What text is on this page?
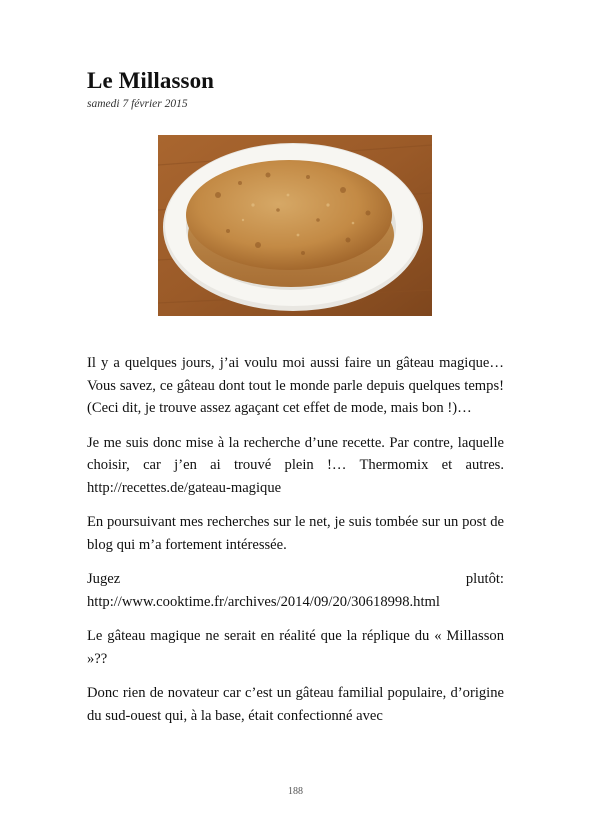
Le Millasson
samedi 7 février 2015

Il y a quelques jours, j’ai voulu moi aussi faire un gâteau magique… Vous savez, ce gâteau dont tout le monde parle depuis quelques temps! (Ceci dit, je trouve assez agaçant cet effet de mode, mais bon !)…

Je me suis donc mise à la recherche d’une recette. Par contre, laquelle choisir, car j’en ai trouvé plein !… Thermomix et autres. http://recettes.de/gateau-magique

En poursuivant mes recherches sur le net, je suis tombée sur un post de blog qui m’a fortement intéressée.

Jugez plutôt: http://www.cooktime.fr/archives/2014/09/20/30618998.html

Le gâteau magique ne serait en réalité que la réplique du « Millasson »??

Donc rien de novateur car c’est un gâteau familial populaire, d’origine du sud-ouest qui, à la base, était confectionné avec

188
